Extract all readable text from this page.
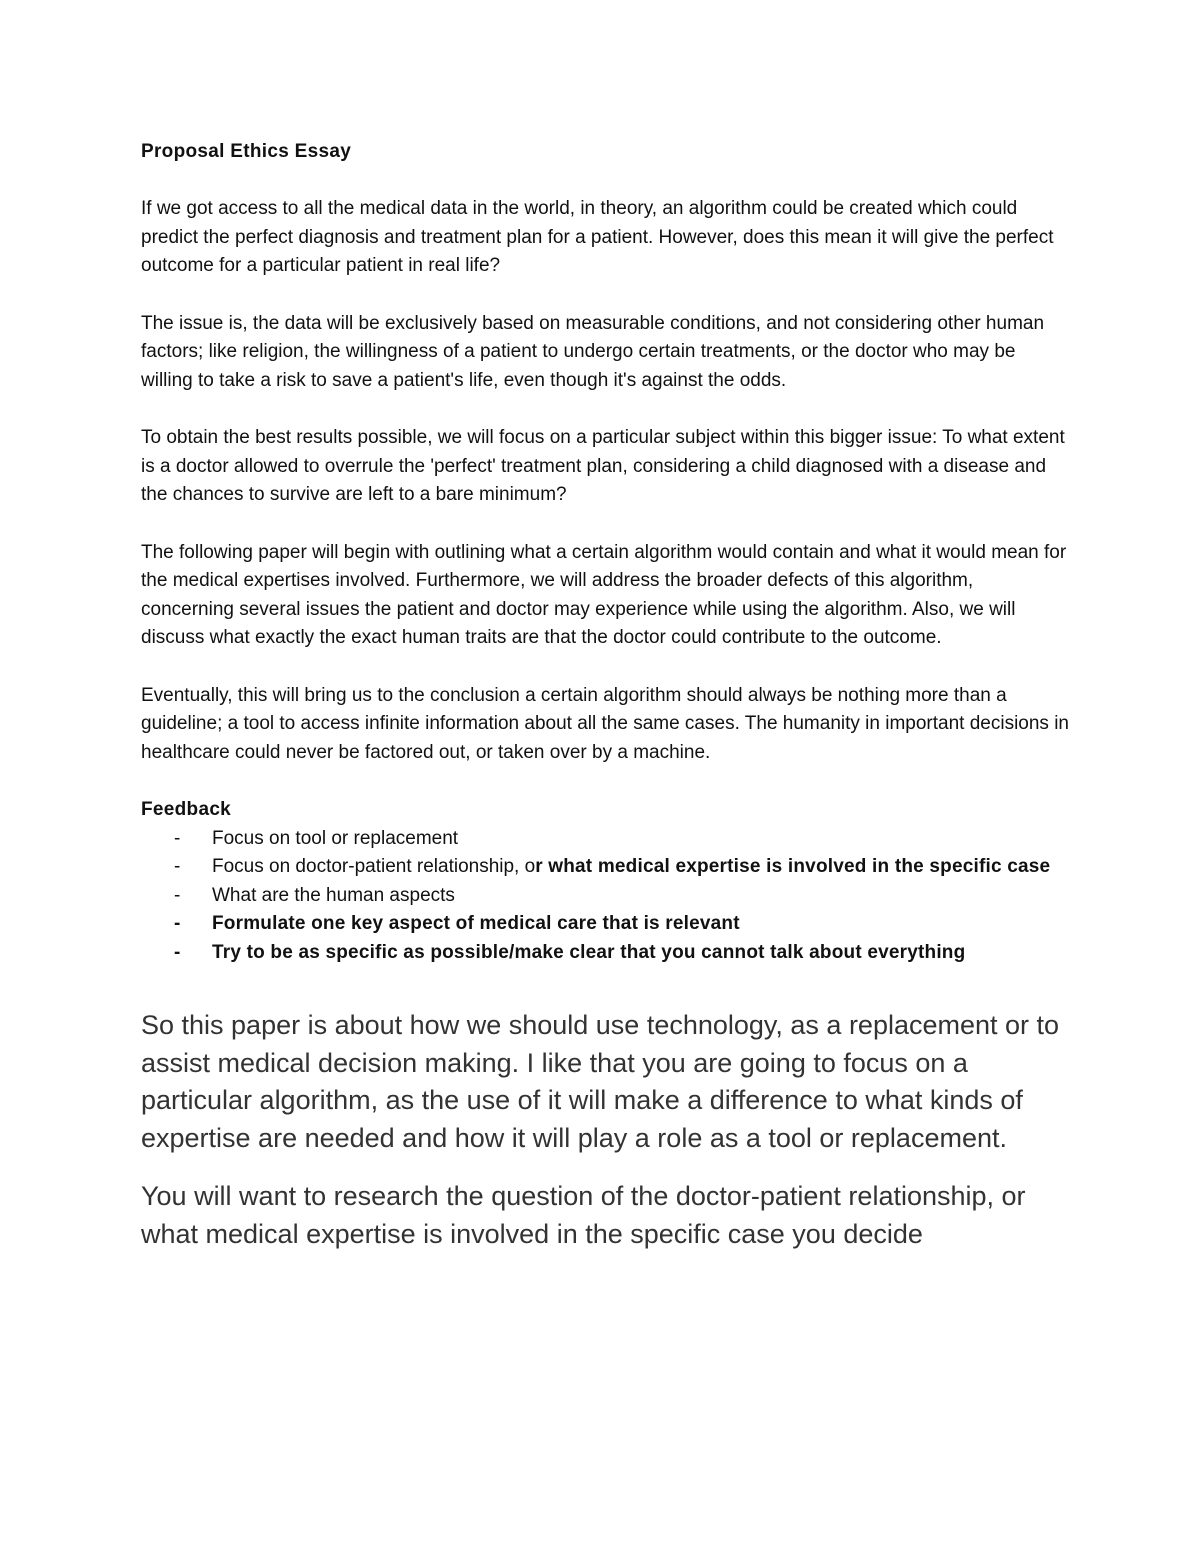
Proposal Ethics Essay

If we got access to all the medical data in the world, in theory, an algorithm could be created which could predict the perfect diagnosis and treatment plan for a patient. However, does this mean it will give the perfect outcome for a particular patient in real life?

The issue is, the data will be exclusively based on measurable conditions, and not considering other human factors; like religion, the willingness of a patient to undergo certain treatments, or the doctor who may be willing to take a risk to save a patient's life, even though it's against the odds.

To obtain the best results possible, we will focus on a particular subject within this bigger issue: To what extent is a doctor allowed to overrule the 'perfect' treatment plan, considering a child diagnosed with a disease and the chances to survive are left to a bare minimum?

The following paper will begin with outlining what a certain algorithm would contain and what it would mean for the medical expertises involved. Furthermore, we will address the broader defects of this algorithm, concerning several issues the patient and doctor may experience while using the algorithm. Also, we will discuss what exactly the exact human traits are that the doctor could contribute to the outcome.

Eventually, this will bring us to the conclusion a certain algorithm should always be nothing more than a guideline; a tool to access infinite information about all the same cases. The humanity in important decisions in healthcare could never be factored out, or taken over by a machine.

Feedback
- Focus on tool or replacement
- Focus on doctor-patient relationship, or what medical expertise is involved in the specific case
- What are the human aspects
- Formulate one key aspect of medical care that is relevant
- Try to be as specific as possible/make clear that you cannot talk about everything

So this paper is about how we should use technology, as a replacement or to assist medical decision making. I like that you are going to focus on a particular algorithm, as the use of it will make a difference to what kinds of expertise are needed and how it will play a role as a tool or replacement.

You will want to research the question of the doctor-patient relationship, or what medical expertise is involved in the specific case you decide
